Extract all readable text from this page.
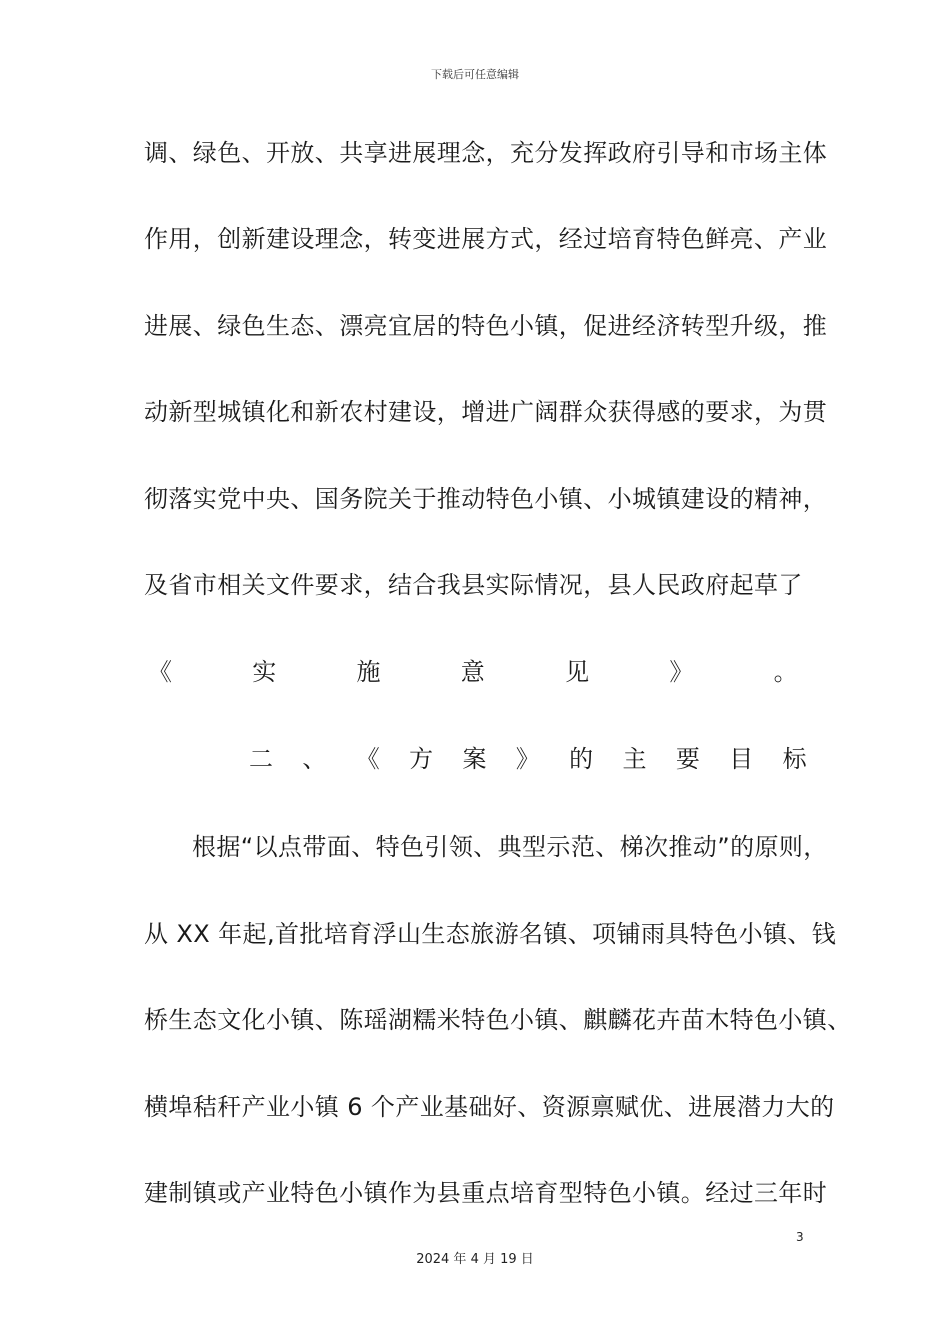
下载后可任意编辑
调、绿色、开放、共享进展理念，充分发挥政府引导和市场主体
作用，创新建设理念，转变进展方式，经过培育特色鲜亮、产业
进展、绿色生态、漂亮宜居的特色小镇，促进经济转型升级，推
动新型城镇化和新农村建设，增进广阔群众获得感的要求，为贯
彻落实党中央、国务院关于推动特色小镇、小城镇建设的精神，
及省市相关文件要求，结合我县实际情况，县人民政府起草了
《	实	施	意	见	》	。
二 、 《 方 案 》 的 主 要 目 标
根据“以点带面、特色引领、典型示范、梯次推动”的原则，
从 XX 年起,首批培育浮山生态旅游名镇、项铺雨具特色小镇、钱
桥生态文化小镇、陈瑶湖糯米特色小镇、麒麟花卉苗木特色小镇、
横埠秸秆产业小镇 6 个产业基础好、资源禀赋优、进展潜力大的
建制镇或产业特色小镇作为县重点培育型特色小镇。经过三年时
3
2024 年 4 月 19 日
